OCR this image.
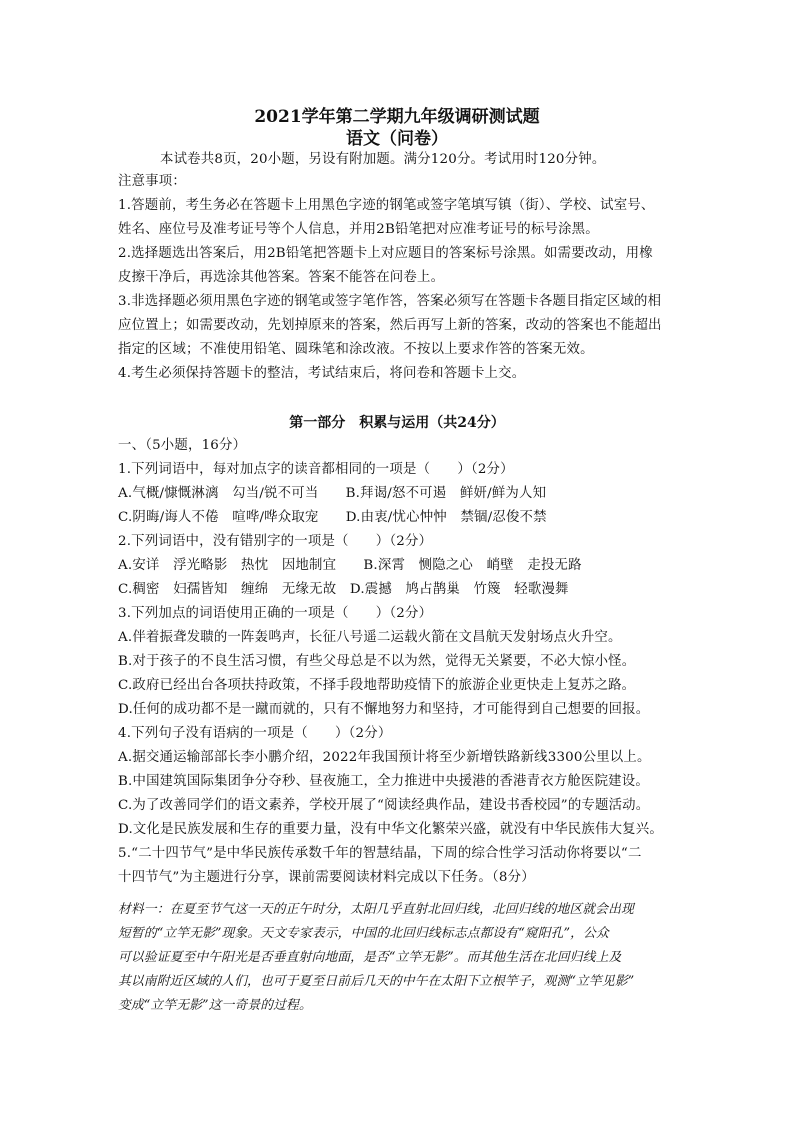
2021学年第二学期九年级调研测试题
语文（问卷）
本试卷共8页，20小题，另设有附加题。满分120分。考试用时120分钟。
注意事项：
1.答题前，考生务必在答题卡上用黑色字迹的钢笔或签字笔填写镇（街）、学校、试室号、
姓名、座位号及准考证号等个人信息，并用2B铅笔把对应准考证号的标号涂黑。
2.选择题选出答案后，用2B铅笔把答题卡上对应题目的答案标号涂黑。如需要改动，用橡
皮擦干净后，再选涂其他答案。答案不能答在问卷上。
3.非选择题必须用黑色字迹的钢笔或签字笔作答，答案必须写在答题卡各题目指定区域的相
应位置上；如需要改动，先划掉原来的答案，然后再写上新的答案，改动的答案也不能超出
指定的区域；不准使用铅笔、圆珠笔和涂改液。不按以上要求作答的答案无效。
4.考生必须保持答题卡的整洁，考试结束后，将问卷和答题卡上交。
第一部分　积累与运用（共24分）
一、（5小题，16分）
1.下列词语中，每对加点字的读音都相同的一项是（　　）（2分）
A.气概/慷慨淋漓　勾当/锐不可当　　B.拜谒/怒不可遏　鲜妍/鲜为人知
C.阴晦/诲人不倦　喧哗/哗众取宠　　D.由衷/忧心忡忡　禁锢/忍俊不禁
2.下列词语中，没有错别字的一项是（　　）（2分）
A.安详　浮光略影　热忱　因地制宜　　B.深霄　恻隐之心　峭壁　走投无路
C.稠密　妇孺皆知　缠绵　无缘无故　D.震撼　鸠占鹊巢　竹篾　轻歌漫舞
3.下列加点的词语使用正确的一项是（　　）（2分）
A.伴着振聋发聩的一阵轰鸣声，长征八号遥二运载火箭在文昌航天发射场点火升空。
B.对于孩子的不良生活习惯，有些父母总是不以为然，觉得无关紧要，不必大惊小怪。
C.政府已经出台各项扶持政策，不择手段地帮助疫情下的旅游企业更快走上复苏之路。
D.任何的成功都不是一蹴而就的，只有不懈地努力和坚持，才可能得到自己想要的回报。
4.下列句子没有语病的一项是（　　）（2分）
A.据交通运输部部长李小鹏介绍，2022年我国预计将至少新增铁路新线3300公里以上。
B.中国建筑国际集团争分夺秒、昼夜施工，全力推进中央援港的香港青衣方舱医院建设。
C.为了改善同学们的语文素养，学校开展了“阅读经典作品，建设书香校园”的专题活动。
D.文化是民族发展和生存的重要力量，没有中华文化繁荣兴盛，就没有中华民族伟大复兴。
5.“二十四节气”是中华民族传承数千年的智慧结晶，下周的综合性学习活动你将要以“二
十四节气”为主题进行分享，课前需要阅读材料完成以下任务。（8分）
材料一：在夏至节气这一天的正午时分，太阳几乎直射北回归线，北回归线的地区就会出现
短暂的“立竿无影”现象。天文专家表示，中国的北回归线标志点都设有“窥阳孔”，公众
可以验证夏至中午阳光是否垂直射向地面，是否“立竿无影”。而其他生活在北回归线上及
其以南附近区域的人们，也可于夏至日前后几天的中午在太阳下立根竿子，观测“立竿见影”
变成“立竿无影”这一奇景的过程。
